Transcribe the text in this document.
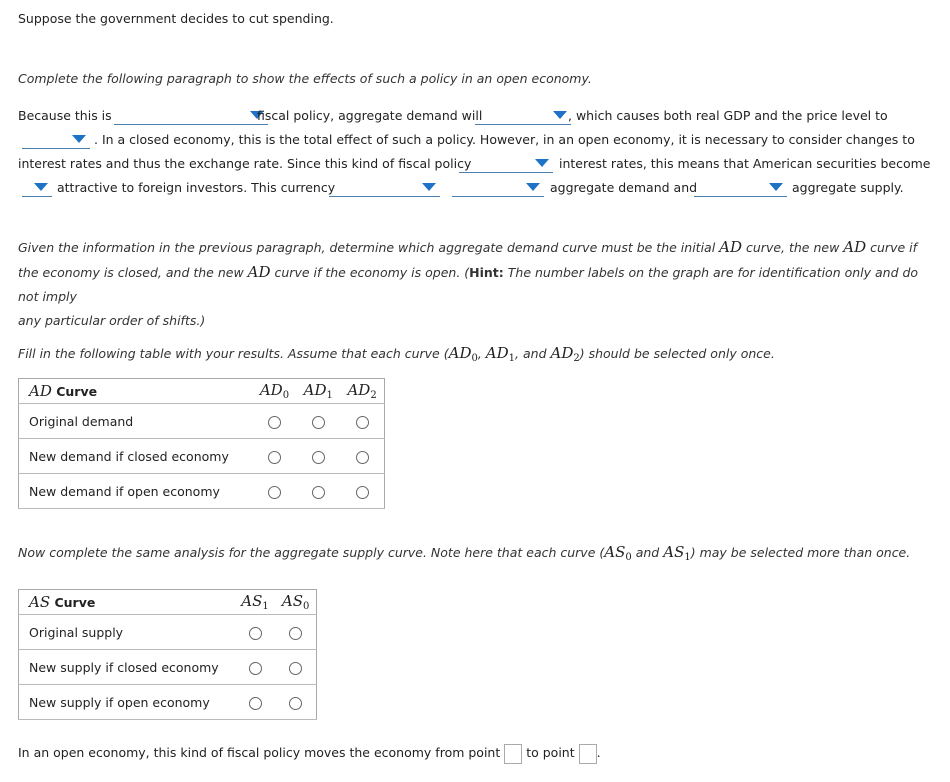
Suppose the government decides to cut spending.
Complete the following paragraph to show the effects of such a policy in an open economy.
Because this is	fiscal policy, aggregate demand will	, which causes both real GDP and the price level to
. In a closed economy, this is the total effect of such a policy. However, in an open economy, it is necessary to consider changes to
interest rates and thus the exchange rate. Since this kind of fiscal policy	interest rates, this means that American securities become
attractive to foreign investors. This currency	aggregate demand and	aggregate supply.
Given the information in the previous paragraph, determine which aggregate demand curve must be the initial AD curve, the new AD curve if the economy is closed, and the new AD curve if the economy is open. (Hint: The number labels on the graph are for identification only and do not imply
any particular order of shifts.)
Fill in the following table with your results. Assume that each curve ($AD_0$, $AD_1$, and $AD_2$) should be selected only once.
AD Curve	$AD_0$	$AD_1$	$AD_2$
Original demand			
New demand if closed economy			
New demand if open economy			
Now complete the same analysis for the aggregate supply curve. Note here that each curve ($AS_0$ and $AS_1$) may be selected more than once.
AS Curve	$AS_1$	$AS_0$
Original supply		
New supply if closed economy		
New supply if open economy		
In an open economy, this kind of fiscal policy moves the economy from point to point .
